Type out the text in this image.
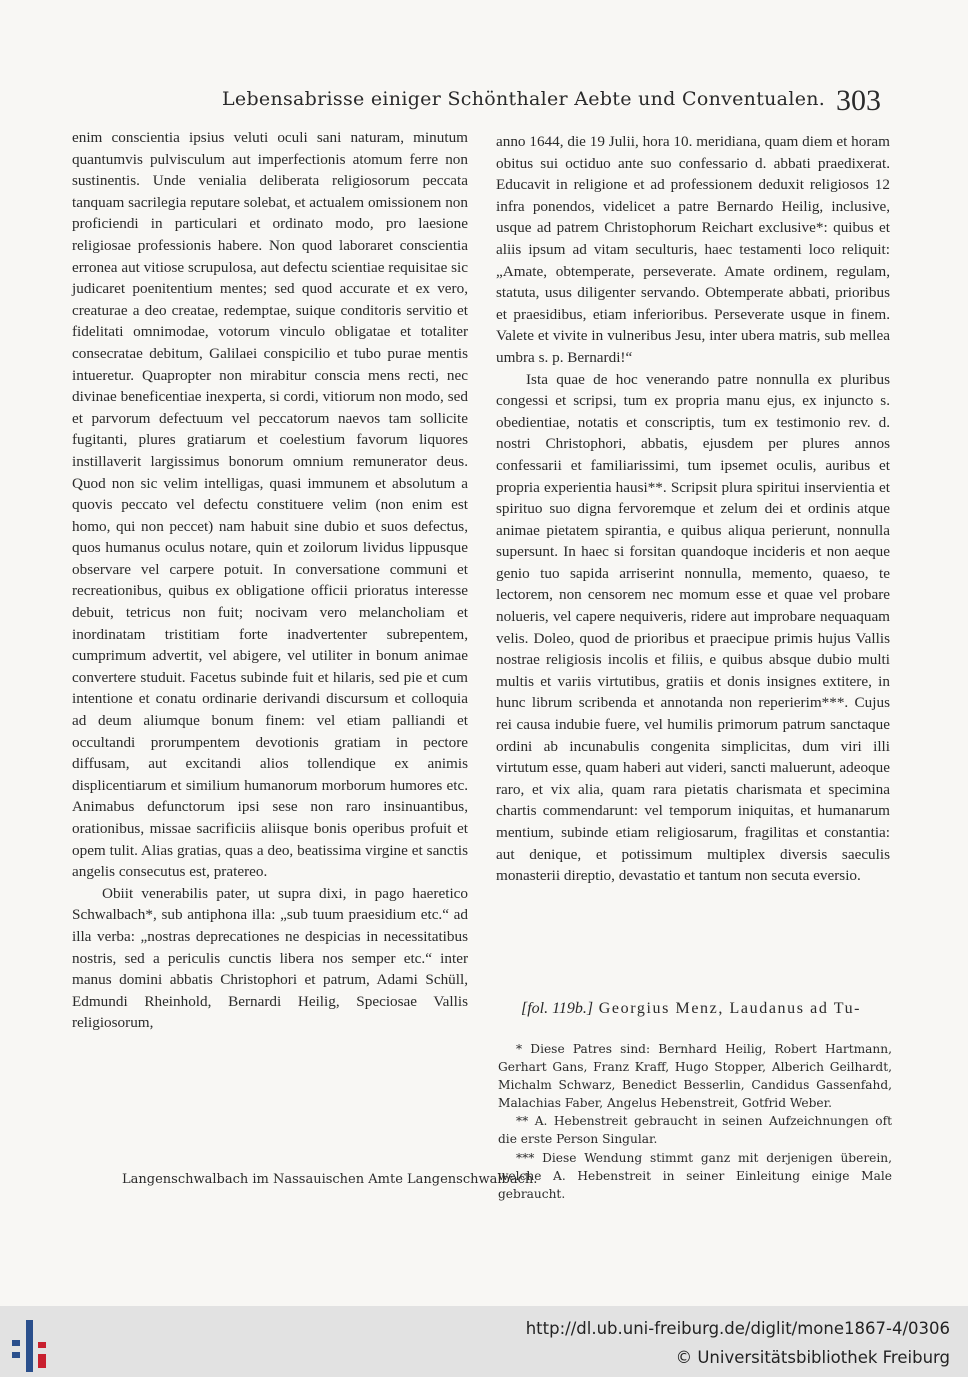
Lebensabrisse einiger Schönthaler Aebte und Conventualen. 303

enim conscientia ipsius veluti oculi sani naturam, minutum quantumvis pulvisculum aut imperfectionis atomum ferre non sustinentis. Unde venialia deliberata religiosorum peccata tanquam sacrilegia reputare solebat, et actualem omissionem non proficiendi in particulari et ordinato modo, pro laesione religiosae professionis habere. Non quod laboraret conscientia erronea aut vitiose scrupulosa, aut defectu scientiae requisitae sic judicaret poenitentium mentes; sed quod accurate et ex vero, creaturae a deo creatae, redemptae, suique conditoris servitio et fidelitati omnimodae, votorum vinculo obligatae et totaliter consecratae debitum, Galilaei conspicilio et tubo purae mentis intueretur. Quapropter non mirabitur conscia mens recti, nec divinae beneficentiae inexperta, si cordi, vitiorum non modo, sed et parvorum defectuum vel peccatorum naevos tam sollicite fugitanti, plures gratiarum et coelestium favorum liquores instillaverit largissimus bonorum omnium remunerator deus. Quod non sic velim intelligas, quasi immunem et absolutum a quovis peccato vel defectu constituere velim (non enim est homo, qui non peccet) nam habuit sine dubio et suos defectus, quos humanus oculus notare, quin et zoilorum lividus lippusque observare vel carpere potuit. In conversatione communi et recreationibus, quibus ex obligatione officii prioratus interesse debuit, tetricus non fuit; nocivam vero melancholiam et inordinatam tristitiam forte inadvertenter subrepentem, cumprimum advertit, vel abigere, vel utiliter in bonum animae convertere studuit. Facetus subinde fuit et hilaris, sed pie et cum intentione et conatu ordinarie derivandi discursum et colloquia ad deum aliumque bonum finem: vel etiam palliandi et occultandi prorumpentem devotionis gratiam in pectore diffusam, aut excitandi alios tollendique ex animis displicentiarum et similium humanorum morborum humores etc. Animabus defunctorum ipsi sese non raro insinuantibus, orationibus, missae sacrificiis aliisque bonis operibus profuit et opem tulit. Alias gratias, quas a deo, beatissima virgine et sanctis angelis consecutus est, pratereo.

Obiit venerabilis pater, ut supra dixi, in pago haeretico Schwalbach*, sub antiphona illa: „sub tuum praesidium etc.“ ad illa verba: „nostras deprecationes ne despicias in necessitatibus nostris, sed a periculis cunctis libera nos semper etc.“ inter manus domini abbatis Christophori et patrum, Adami Schüll, Edmundi Rheinhold, Bernardi Heilig, Speciosae Vallis religiosorum,

Langenschwalbach im Nassauischen Amte Langenschwalbach.

anno 1644, die 19 Julii, hora 10. meridiana, quam diem et horam obitus sui octiduo ante suo confessario d. abbati praedixerat. Educavit in religione et ad professionem deduxit religiosos 12 infra ponendos, videlicet a patre Bernardo Heilig, inclusive, usque ad patrem Christophorum Reichart exclusive*: quibus et aliis ipsum ad vitam seculturis, haec testamenti loco reliquit: „Amate, obtemperate, perseverate. Amate ordinem, regulam, statuta, usus diligenter servando. Obtemperate abbati, prioribus et praesidibus, etiam inferioribus. Perseverate usque in finem. Valete et vivite in vulneribus Jesu, inter ubera matris, sub mellea umbra s. p. Bernardi!“

Ista quae de hoc venerando patre nonnulla ex pluribus congessi et scripsi, tum ex propria manu ejus, ex injuncto s. obedientiae, notatis et conscriptis, tum ex testimonio rev. d. nostri Christophori, abbatis, ejusdem per plures annos confessarii et familiarissimi, tum ipsemet oculis, auribus et propria experientia hausi**. Scripsit plura spiritui inservientia et spirituo suo digna fervoremque et zelum dei et ordinis atque animae pietatem spirantia, e quibus aliqua perierunt, nonnulla supersunt. In haec si forsitan quandoque incideris et non aeque genio tuo sapida arriserint nonnulla, memento, quaeso, te lectorem, non censorem nec momum esse et quae vel probare nolueris, vel capere nequiveris, ridere aut improbare nequaquam velis. Doleo, quod de prioribus et praecipue primis hujus Vallis nostrae religiosis incolis et filiis, e quibus absque dubio multi multis et variis virtutibus, gratiis et donis insignes extitere, in hunc librum scribenda et annotanda non reperierim***. Cujus rei causa indubie fuere, vel humilis primorum patrum sanctaque ordini ab incunabulis congenita simplicitas, dum viri illi virtutum esse, quam haberi aut videri, sancti maluerunt, adeoque raro, et vix alia, quam rara pietatis charismata et specimina chartis commendarunt: vel temporum iniquitas, et humanarum mentium, subinde etiam religiosarum, fragilitas et constantia: aut denique, et potissimum multiplex diversis saeculis monasterii direptio, devastatio et tantum non secuta eversio.

[fol. 119b.] Georgius Menz, Laudanus ad Tu-

* Diese Patres sind: Bernhard Heilig, Robert Hartmann, Gerhart Gans, Franz Kraff, Hugo Stopper, Alberich Geilhardt, Michalm Schwarz, Benedict Besserlin, Candidus Gassenfahd, Malachias Faber, Angelus Hebenstreit, Gotfrid Weber.

** A. Hebenstreit gebraucht in seinen Aufzeichnungen oft die erste Person Singular.

*** Diese Wendung stimmt ganz mit derjenigen überein, welche A. Hebenstreit in seiner Einleitung einige Male gebraucht.

http://dl.ub.uni-freiburg.de/diglit/mone1867-4/0306
© Universitätsbibliothek Freiburg
